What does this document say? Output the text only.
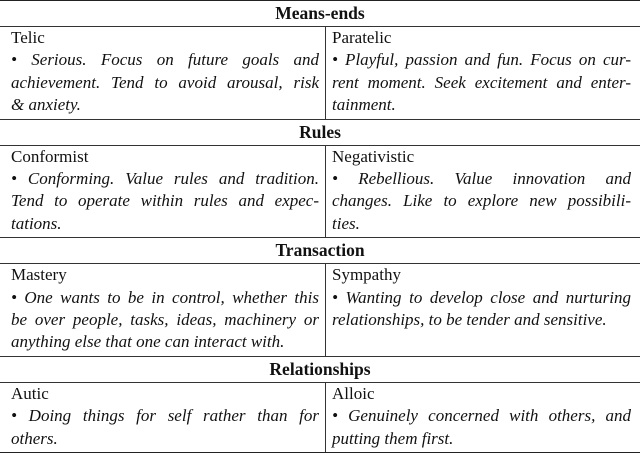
Means-ends
Telic
• Serious. Focus on future goals and
achievement. Tend to avoid arousal, risk
& anxiety.
Paratelic
• Playful, passion and fun. Focus on cur-
rent moment. Seek excitement and enter-
tainment.
Rules
Conformist
• Conforming. Value rules and tradition.
Tend to operate within rules and expec-
tations.
Negativistic
• Rebellious. Value innovation and
changes. Like to explore new possibili-
ties.
Transaction
Mastery
• One wants to be in control, whether this
be over people, tasks, ideas, machinery or
anything else that one can interact with.
Sympathy
• Wanting to develop close and nurturing
relationships, to be tender and sensitive.
Relationships
Autic
• Doing things for self rather than for
others.
Alloic
• Genuinely concerned with others, and
putting them first.
